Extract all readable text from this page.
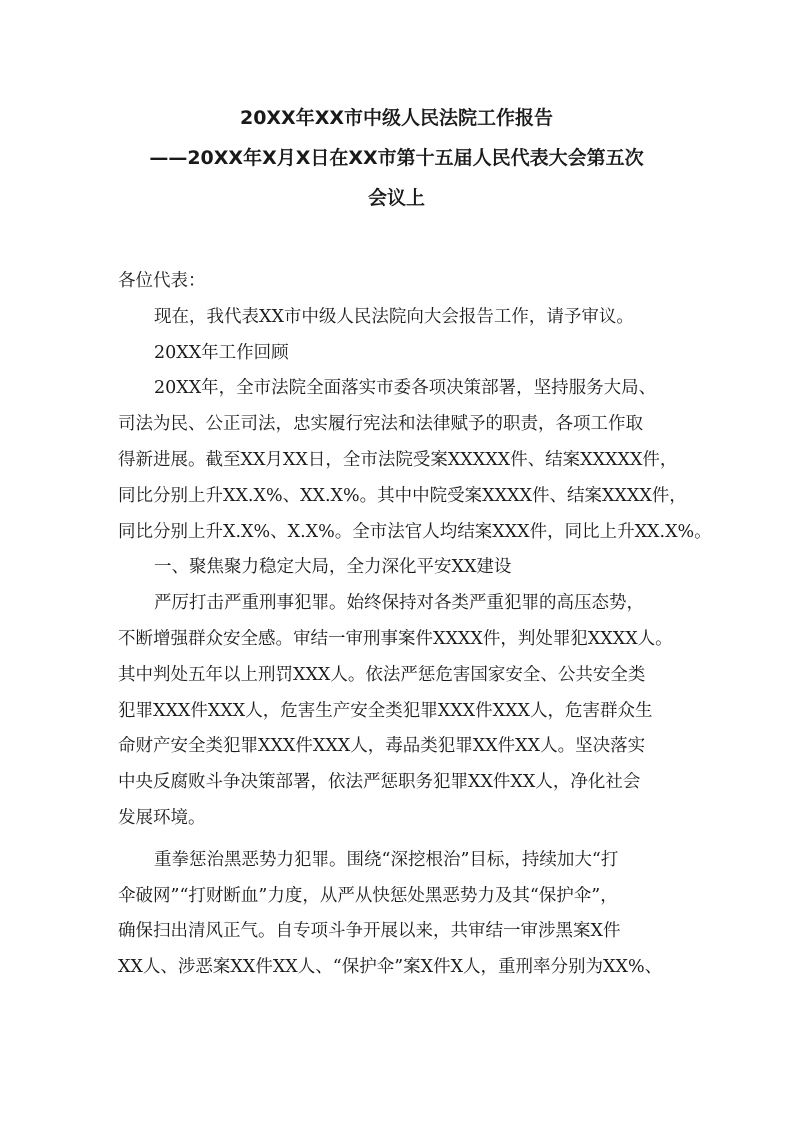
20XX年XX市中级人民法院工作报告
——20XX年X月X日在XX市第十五届人民代表大会第五次
会议上

各位代表：

现在，我代表XX市中级人民法院向大会报告工作，请予审议。

20XX年工作回顾

20XX年，全市法院全面落实市委各项决策部署，坚持服务大局、

司法为民、公正司法，忠实履行宪法和法律赋予的职责，各项工作取

得新进展。截至XX月XX日，全市法院受案XXXXX件、结案XXXXX件，

同比分别上升XX.X%、XX.X%。其中中院受案XXXX件、结案XXXX件，

同比分别上升X.X%、X.X%。全市法官人均结案XXX件，同比上升XX.X%。

一、聚焦聚力稳定大局，全力深化平安XX建设

严厉打击严重刑事犯罪。始终保持对各类严重犯罪的高压态势，

不断增强群众安全感。审结一审刑事案件XXXX件，判处罪犯XXXX人。

其中判处五年以上刑罚XXX人。依法严惩危害国家安全、公共安全类

犯罪XXX件XXX人，危害生产安全类犯罪XXX件XXX人，危害群众生

命财产安全类犯罪XXX件XXX人，毒品类犯罪XX件XX人。坚决落实

中央反腐败斗争决策部署，依法严惩职务犯罪XX件XX人，净化社会

发展环境。

重拳惩治黑恶势力犯罪。围绕“深挖根治”目标，持续加大“打

伞破网”“打财断血”力度，从严从快惩处黑恶势力及其“保护伞”，

确保扫出清风正气。自专项斗争开展以来，共审结一审涉黑案X件

XX人、涉恶案XX件XX人、“保护伞”案X件X人，重刑率分别为XX%、
